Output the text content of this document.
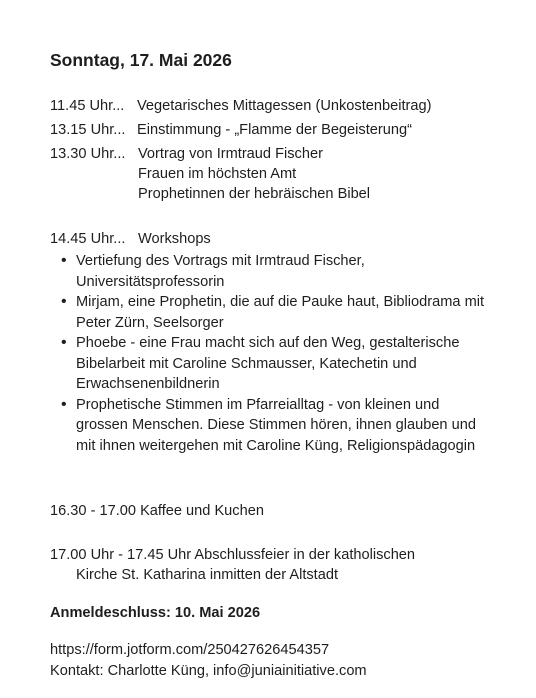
Sonntag, 17. Mai 2026
11.45 Uhr... Vegetarisches Mittagessen (Unkostenbeitrag)
13.15 Uhr... Einstimmung - „Flamme der Begeisterung“
13.30 Uhr... Vortrag von Irmtraud Fischer
Frauen im höchsten Amt
Prophetinnen der hebräischen Bibel
14.45 Uhr... Workshops
• Vertiefung des Vortrags mit Irmtraud Fischer, Universitätsprofessorin
• Mirjam, eine Prophetin, die auf die Pauke haut, Bibliodrama mit Peter Zürn, Seelsorger
• Phoebe - eine Frau macht sich auf den Weg, gestalterische Bibelarbeit mit Caroline Schmausser, Katechetin und Erwachsenenbildnerin
• Prophetische Stimmen im Pfarreialltag - von kleinen und grossen Menschen. Diese Stimmen hören, ihnen glauben und mit ihnen weitergehen mit Caroline Küng, Religionspädagogin
16.30 - 17.00 Kaffee und Kuchen
17.00 Uhr - 17.45 Uhr Abschlussfeier in der katholischen
Kirche St. Katharina inmitten der Altstadt
Anmeldeschluss: 10. Mai 2026
https://form.jotform.com/250427626454357
Kontakt: Charlotte Küng, info@juniainitiative.com
